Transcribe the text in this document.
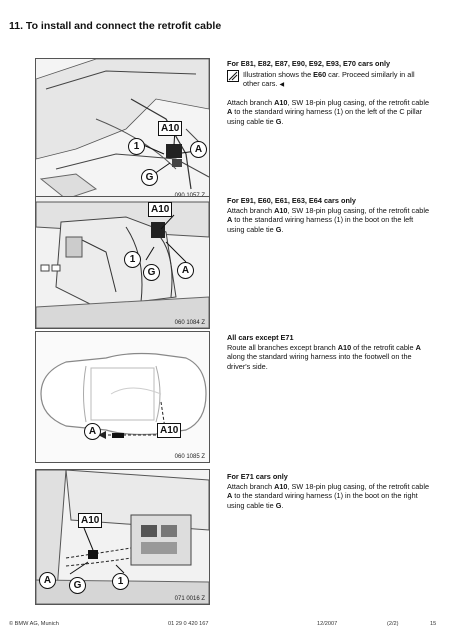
11. To install and connect the retrofit cable
A10
1	A
G
A10
1
G	A
060 1084 Z
A	A10
060 1085 Z
A10
A	G	1
071 0016 Z

For E81, E82, E87, E90, E92, E93, E70 cars only

Illustration shows the E60 car. Proceed similarly in all other cars. ◀

Attach branch A10, SW 18-pin plug casing, of the retrofit cable A to the standard wiring harness (1) on the left of the C pillar using cable tie G.

For E91, E60, E61, E63, E64 cars only

Attach branch A10, SW 18-pin plug casing, of the retrofit cable A to the standard wiring harness (1) in the boot on the left using cable tie G.

All cars except E71

Route all branches except branch A10 of the retrofit cable A along the standard wiring harness into the footwell on the driver's side.

For E71 cars only

Attach branch A10, SW 18-pin plug casing, of the retrofit cable A to the standard wiring harness (1) in the boot on the right using cable tie G.

© BMW AG, Munich	01 29 0 420 167	12/2007	(2/2)	15
